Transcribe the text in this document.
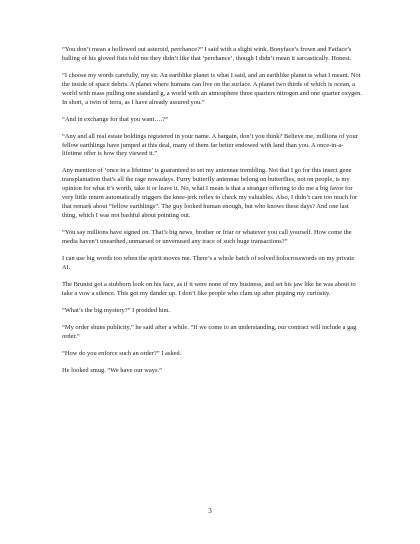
“You don’t mean a hollowed out asteroid, perchance?” I said with a slight wink. Bonyface’s frown and Fatface’s balling of his gloved fists told me they didn’t like that ‘perchance’, though I didn’t mean it sarcastically. Honest.

“I choose my words carefully, my sir. An earthlike planet is what I said, and an earthlike planet is what I meant. Not the inside of space debris. A planet where humans can live on the surface. A planet two thirds of which is ocean, a world with mass pulling one standard g, a world with an atmosphere three quarters nitrogen and one quarter oxygen. In short, a twin of terra, as I have already assured you.”

“And in exchange for that you want….?”

“Any and all real estate holdings registered in your name. A bargain, don’t you think? Believe me, millions of your fellow earthlings have jumped at this deal, many of them far better endowed with land than you. A once-in-a-lifetime offer is how they viewed it.”

Any mention of ‘once in a lifetime’ is guaranteed to set my antennae trembling. Not that I go for this insect gene transplantation that’s all the rage nowadays. Furry butterfly antennae belong on butterflies, not on people, is my opinion for what it’s worth, take it or leave it. No, what I mean is that a stranger offering to do me a big favor for very little return automatically triggers the knee-jerk reflex to check my valuables. Also, I didn’t care too much for that remark about “fellow earthlings”. The guy looked human enough, but who knows these days? And one last thing, which I was not bashful about pointing out.

“You say millions have signed on. That’s big news, brother or friar or whatever you call yourself. How come the media haven’t unearthed, unmarsed or unvenused any trace of such huge transactions?”

I can use big words too when the spirit moves me. There’s a whole batch of solved holocrosswords on my private AI.

The Brunist got a stubborn look on his face, as if it were none of my business, and set his jaw like he was about to take a vow a silence. This got my dander up. I don’t like people who clam up after piquing my curiosity.

“What’s the big mystery?” I prodded him.

“My order shuns publicity,” he said after a while. “If we come to an understanding, our contract will include a gag order.”

“How do you enforce such an order?” I asked.

He looked smug. “We have our ways.”

3
